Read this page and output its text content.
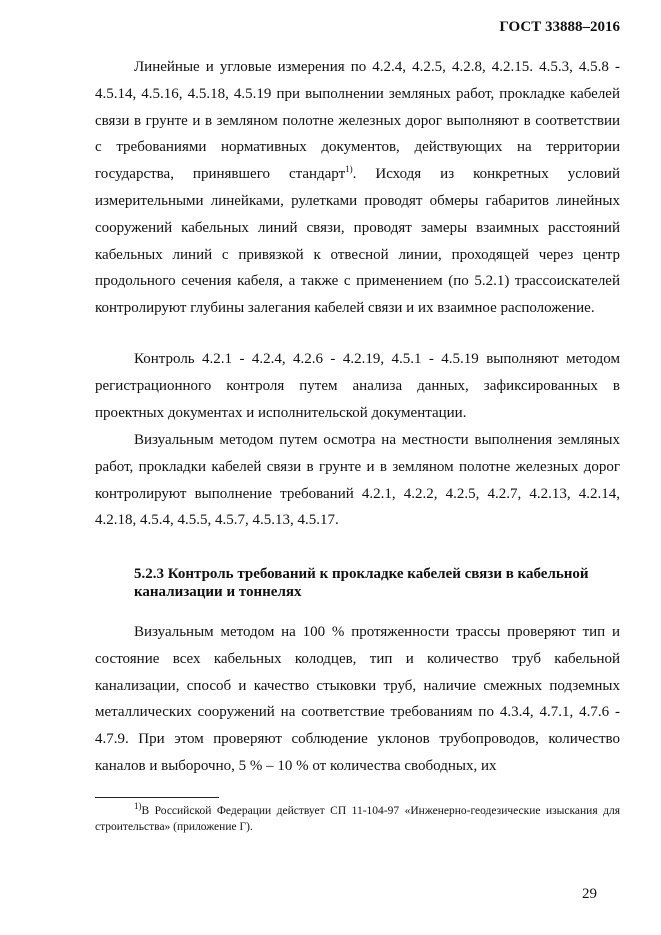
ГОСТ 33888–2016

Линейные и угловые измерения по 4.2.4, 4.2.5, 4.2.8, 4.2.15. 4.5.3, 4.5.8 - 4.5.14, 4.5.16, 4.5.18, 4.5.19 при выполнении земляных работ, прокладке кабелей связи в грунте и в земляном полотне железных дорог выполняют в соответствии с требованиями нормативных документов, действующих на территории государства, принявшего стандарт$^{1)}$. Исходя из конкретных условий измерительными линейками, рулетками проводят обмеры габаритов линейных сооружений кабельных линий связи, проводят замеры взаимных расстояний кабельных линий с привязкой к отвесной линии, проходящей через центр продольного сечения кабеля, а также с применением (по 5.2.1) трассоискателей контролируют глубины залегания кабелей связи и их взаимное расположение.

Контроль 4.2.1 - 4.2.4, 4.2.6 - 4.2.19, 4.5.1 - 4.5.19 выполняют методом регистрационного контроля путем анализа данных, зафиксированных в проектных документах и исполнительской документации.

Визуальным методом путем осмотра на местности выполнения земляных работ, прокладки кабелей связи в грунте и в земляном полотне железных дорог контролируют выполнение требований 4.2.1, 4.2.2, 4.2.5, 4.2.7, 4.2.13, 4.2.14, 4.2.18, 4.5.4, 4.5.5, 4.5.7, 4.5.13, 4.5.17.

5.2.3 Контроль требований к прокладке кабелей связи в кабельной канализации и тоннелях

Визуальным методом на 100 % протяженности трассы проверяют тип и состояние всех кабельных колодцев, тип и количество труб кабельной канализации, способ и качество стыковки труб, наличие смежных подземных металлических сооружений на соответствие требованиям по 4.3.4, 4.7.1, 4.7.6 - 4.7.9. При этом проверяют соблюдение уклонов трубопроводов, количество каналов и выборочно, 5 % – 10 % от количества свободных, их

$^{1)}$В Российской Федерации действует СП 11-104-97 «Инженерно-геодезические изыскания для строительства» (приложение Г).

29
